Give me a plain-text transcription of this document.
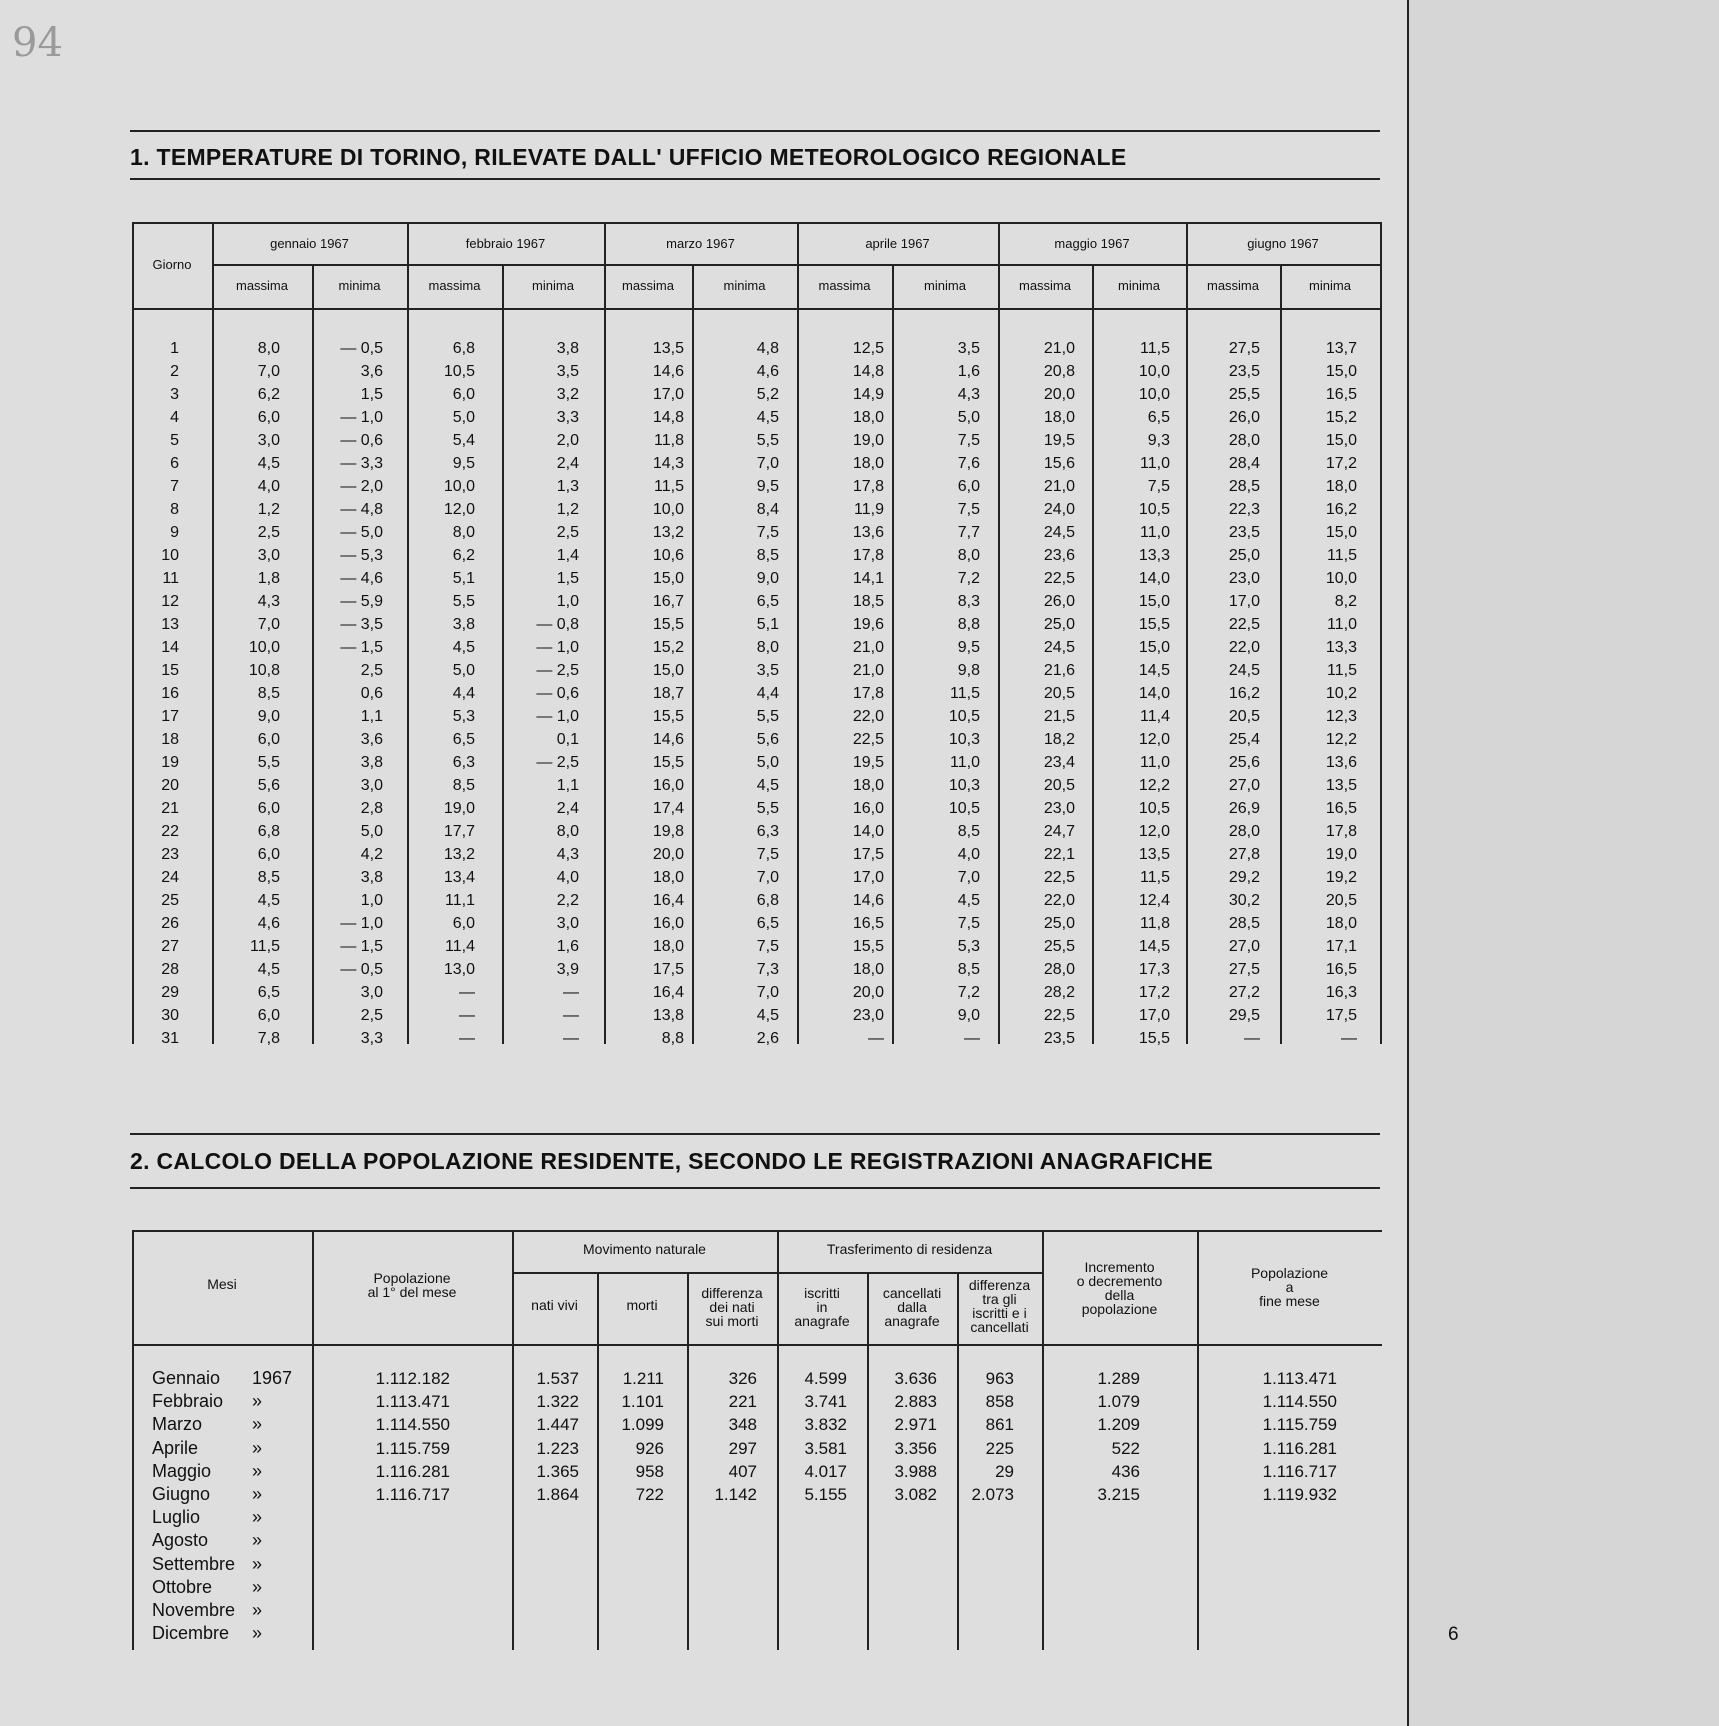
94
6
1. TEMPERATURE DI TORINO, RILEVATE DALL' UFFICIO METEOROLOGICO REGIONALE
Giorno
gennaio 1967
massima	minima
febbraio 1967
massima	minima
marzo 1967
massima	minima
aprile 1967
massima	minima
maggio 1967
massima	minima
giugno 1967
massima	minima
1	8,0	— 0,5	6,8	3,8	13,5	4,8	12,5	3,5	21,0	11,5	27,5	13,7
2	7,0	3,6	10,5	3,5	14,6	4,6	14,8	1,6	20,8	10,0	23,5	15,0
3	6,2	1,5	6,0	3,2	17,0	5,2	14,9	4,3	20,0	10,0	25,5	16,5
4	6,0	— 1,0	5,0	3,3	14,8	4,5	18,0	5,0	18,0	6,5	26,0	15,2
5	3,0	— 0,6	5,4	2,0	11,8	5,5	19,0	7,5	19,5	9,3	28,0	15,0
6	4,5	— 3,3	9,5	2,4	14,3	7,0	18,0	7,6	15,6	11,0	28,4	17,2
7	4,0	— 2,0	10,0	1,3	11,5	9,5	17,8	6,0	21,0	7,5	28,5	18,0
8	1,2	— 4,8	12,0	1,2	10,0	8,4	11,9	7,5	24,0	10,5	22,3	16,2
9	2,5	— 5,0	8,0	2,5	13,2	7,5	13,6	7,7	24,5	11,0	23,5	15,0
10	3,0	— 5,3	6,2	1,4	10,6	8,5	17,8	8,0	23,6	13,3	25,0	11,5
11	1,8	— 4,6	5,1	1,5	15,0	9,0	14,1	7,2	22,5	14,0	23,0	10,0
12	4,3	— 5,9	5,5	1,0	16,7	6,5	18,5	8,3	26,0	15,0	17,0	8,2
13	7,0	— 3,5	3,8	— 0,8	15,5	5,1	19,6	8,8	25,0	15,5	22,5	11,0
14	10,0	— 1,5	4,5	— 1,0	15,2	8,0	21,0	9,5	24,5	15,0	22,0	13,3
15	10,8	2,5	5,0	— 2,5	15,0	3,5	21,0	9,8	21,6	14,5	24,5	11,5
16	8,5	0,6	4,4	— 0,6	18,7	4,4	17,8	11,5	20,5	14,0	16,2	10,2
17	9,0	1,1	5,3	— 1,0	15,5	5,5	22,0	10,5	21,5	11,4	20,5	12,3
18	6,0	3,6	6,5	0,1	14,6	5,6	22,5	10,3	18,2	12,0	25,4	12,2
19	5,5	3,8	6,3	— 2,5	15,5	5,0	19,5	11,0	23,4	11,0	25,6	13,6
20	5,6	3,0	8,5	1,1	16,0	4,5	18,0	10,3	20,5	12,2	27,0	13,5
21	6,0	2,8	19,0	2,4	17,4	5,5	16,0	10,5	23,0	10,5	26,9	16,5
22	6,8	5,0	17,7	8,0	19,8	6,3	14,0	8,5	24,7	12,0	28,0	17,8
23	6,0	4,2	13,2	4,3	20,0	7,5	17,5	4,0	22,1	13,5	27,8	19,0
24	8,5	3,8	13,4	4,0	18,0	7,0	17,0	7,0	22,5	11,5	29,2	19,2
25	4,5	1,0	11,1	2,2	16,4	6,8	14,6	4,5	22,0	12,4	30,2	20,5
26	4,6	— 1,0	6,0	3,0	16,0	6,5	16,5	7,5	25,0	11,8	28,5	18,0
27	11,5	— 1,5	11,4	1,6	18,0	7,5	15,5	5,3	25,5	14,5	27,0	17,1
28	4,5	— 0,5	13,0	3,9	17,5	7,3	18,0	8,5	28,0	17,3	27,5	16,5
29	6,5	3,0	—	—	16,4	7,0	20,0	7,2	28,2	17,2	27,2	16,3
30	6,0	2,5	—	—	13,8	4,5	23,0	9,0	22,5	17,0	29,5	17,5
31	7,8	3,3	—	—	8,8	2,6	—	—	23,5	15,5	—	—
2. CALCOLO DELLA POPOLAZIONE RESIDENTE, SECONDO LE REGISTRAZIONI ANAGRAFICHE
Mesi	Popolazione
al 1° del mese
Movimento naturale
nati vivi	morti
differenza
dei nati
sui morti
Trasferimento di residenza
iscritti
in
anagrafe
cancellati
dalla
anagrafe
differenza
tra gli
iscritti e i
cancellati
Incremento
o decremento
della
popolazione
Popolazione
a
fine mese
Gennaio 1967	1.112.182	1.537	1.211	326	4.599	3.636	963	1.289	1.113.471
Febbraio »	1.113.471	1.322 1.101	221	3.741	2.883	858	1.079	1.114.550
Marzo	»	1.114.550	1.447 1.099	348	3.832	2.971	861	1.209	1.115.759
Aprile	»	1.115.759	1.223	926	297	3.581	3.356	225	522	1.116.281
Maggio »	1.116.281	1.365	958	407	4.017	3.988	29	436	1.116.717
Giugno »	1.116.717	1.864	722	1.142	5.155	3.082 2.073	3.215	1.119.932
Luglio	»
Agosto »
Settembre »
Ottobre »
Novembre »
Dicembre »
